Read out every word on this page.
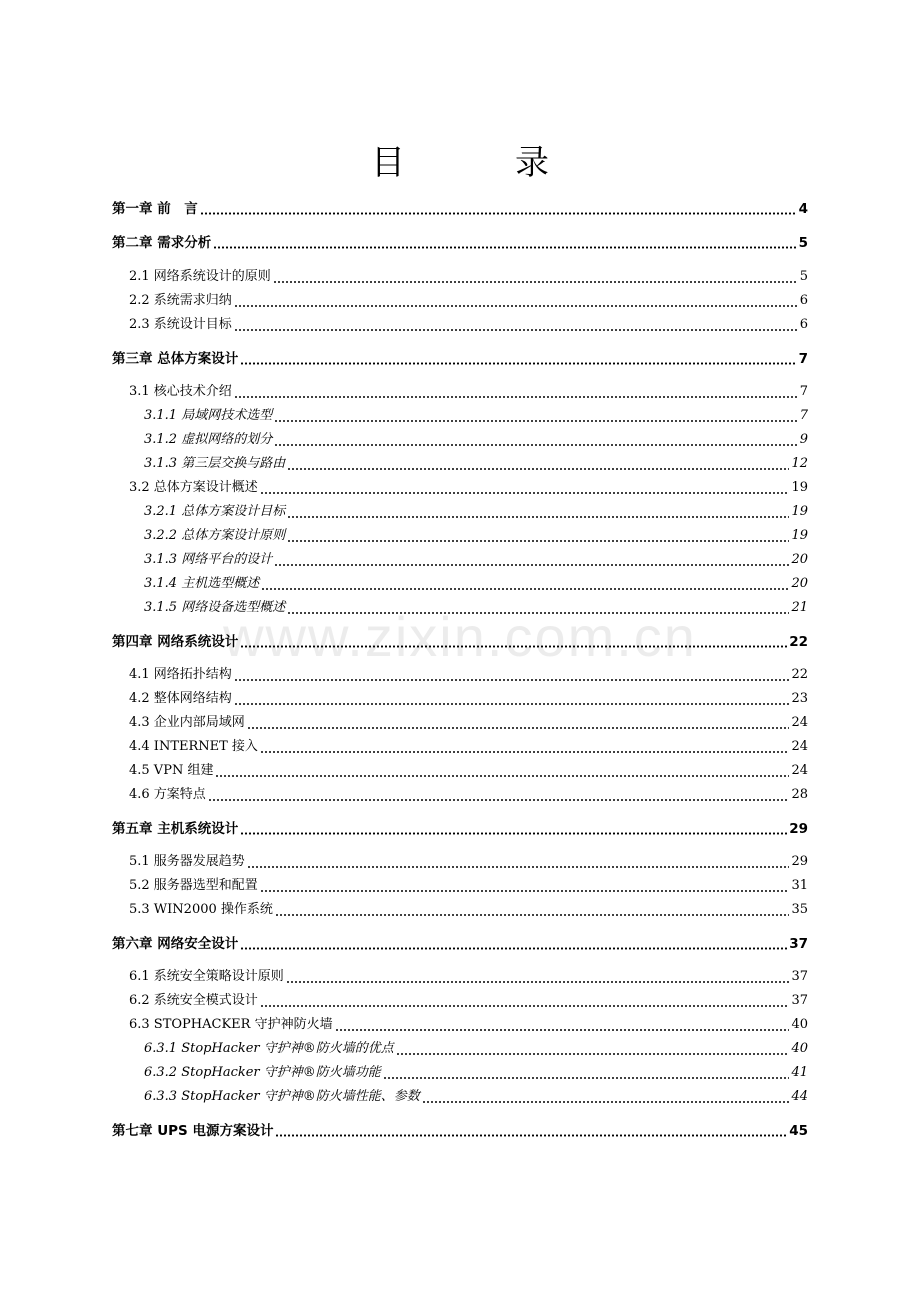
目　录
第一章 前　言	4
第二章 需求分析	5
2.1 网络系统设计的原则	5
2.2 系统需求归纳	6
2.3 系统设计目标	6
第三章 总体方案设计	7
3.1 核心技术介绍	7
3.1.1 局域网技术选型	7
3.1.2 虚拟网络的划分	9
3.1.3 第三层交换与路由	12
3.2 总体方案设计概述	19
3.2.1 总体方案设计目标	19
3.2.2 总体方案设计原则	19
3.1.3 网络平台的设计	20
3.1.4 主机选型概述	20
3.1.5 网络设备选型概述	21
第四章 网络系统设计	22
4.1 网络拓扑结构	22
4.2 整体网络结构	23
4.3 企业内部局域网	24
4.4 INTERNET 接入	24
4.5 VPN 组建	24
4.6 方案特点	28
第五章 主机系统设计	29
5.1 服务器发展趋势	29
5.2 服务器选型和配置	31
5.3 WIN2000 操作系统	35
第六章 网络安全设计	37
6.1 系统安全策略设计原则	37
6.2 系统安全模式设计	37
6.3 STOPHACKER 守护神防火墙	40
6.3.1 StopHacker 守护神®防火墙的优点	40
6.3.2 StopHacker 守护神®防火墙功能	41
6.3.3 StopHacker 守护神®防火墙性能、参数	44
第七章 UPS 电源方案设计	45
